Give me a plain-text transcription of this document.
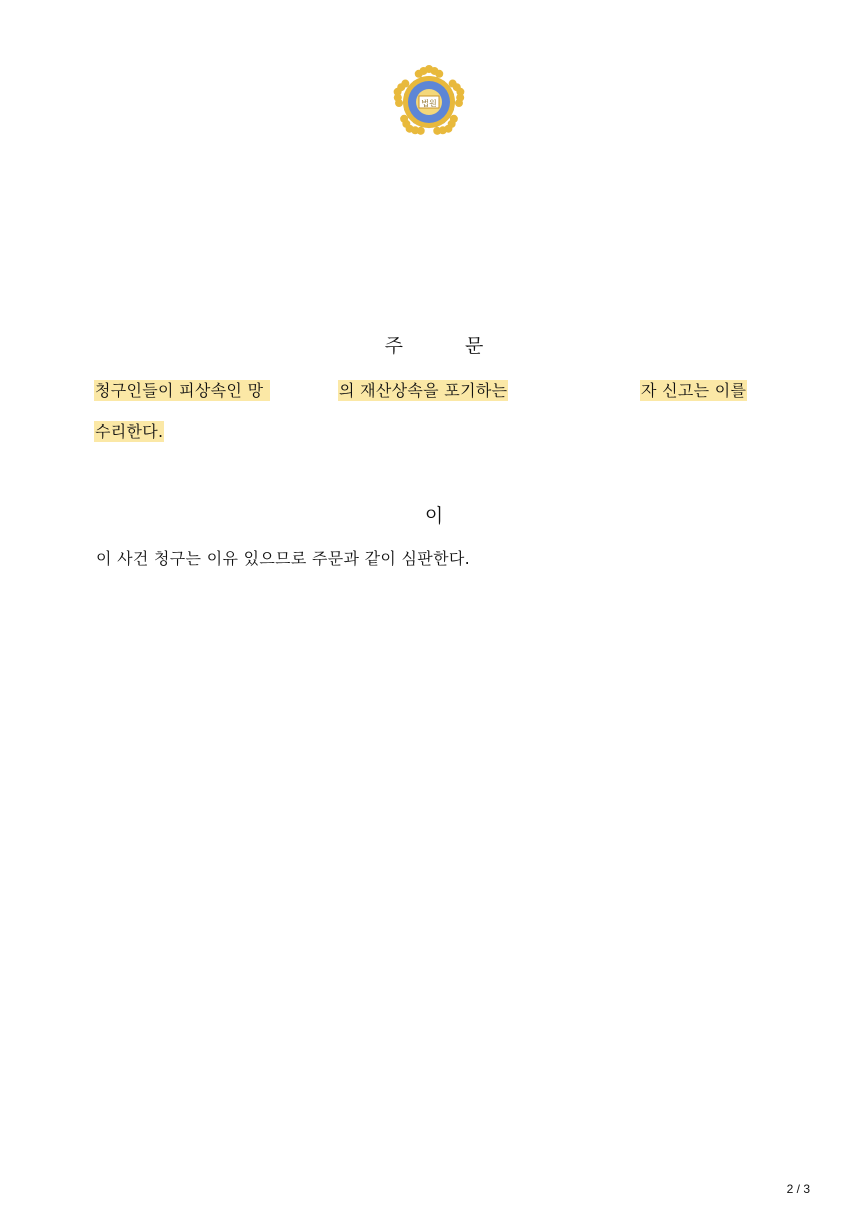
법원
주	문
청구인들이 피상속인 망	의 재산상속을 포기하는	자 신고는 이를
수리한다.
이
이 사건 청구는 이유 있으므로 주문과 같이 심판한다.
2 / 3
